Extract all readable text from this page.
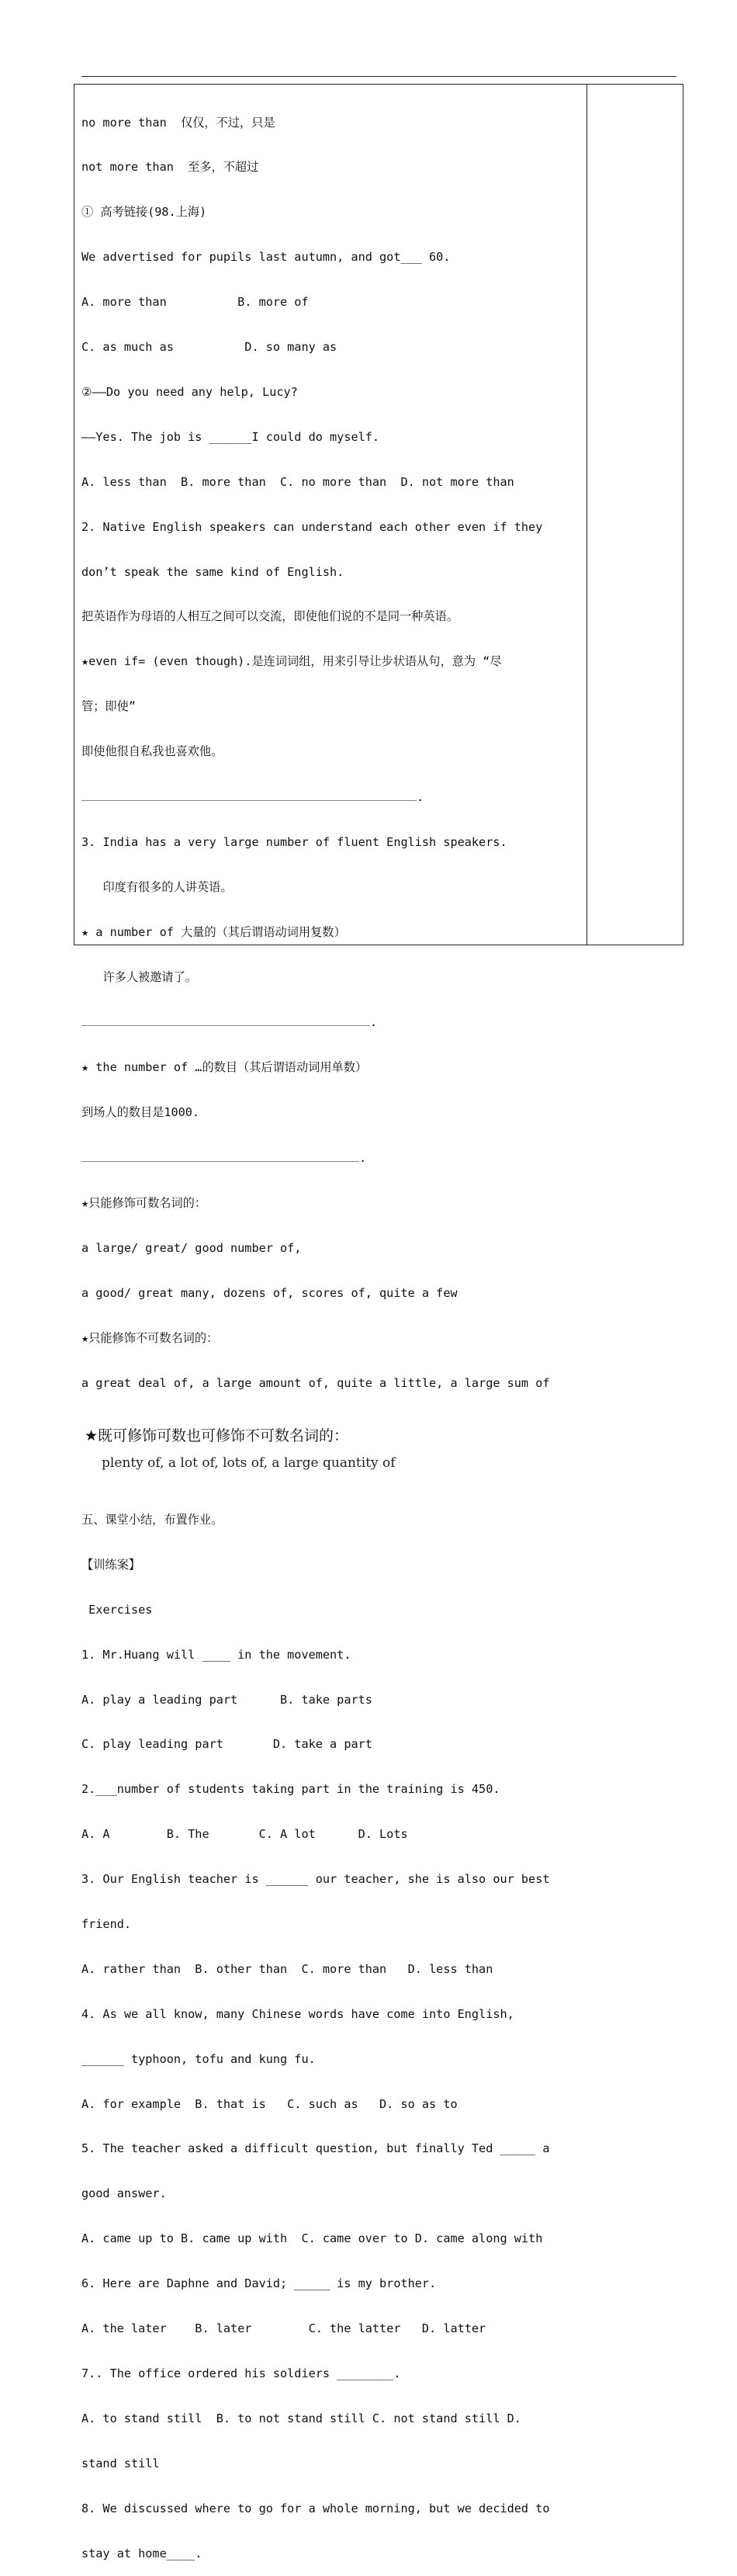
no more than  仅仅，不过，只是

not more than  至多，不超过

① 高考链接(98.上海)

We advertised for pupils last autumn, and got___ 60.

A. more than          B. more of

C. as much as          D. so many as

②——Do you need any help, Lucy?

——Yes. The job is ______I could do myself.

A. less than  B. more than  C. no more than  D. not more than

2. Native English speakers can understand each other even if they

don’t speak the same kind of English.

把英语作为母语的人相互之间可以交流，即使他们说的不是同一种英语。

★even if= (even though).是连词词组，用来引导让步状语从句，意为 “尽

管；即使”

即使他很自私我也喜欢他。

.

3. India has a very large number of fluent English speakers.

印度有很多的人讲英语。

★ a number of 大量的（其后谓语动词用复数）

许多人被邀请了。

.

★ the number of …的数目（其后谓语动词用单数）

到场人的数目是1000.

.

★只能修饰可数名词的：

a large/ great/ good number of,

a good/ great many, dozens of, scores of, quite a few

★只能修饰不可数名词的：

a great deal of, a large amount of, quite a little, a large sum of

★既可修饰可数也可修饰不可数名词的：

plenty of, a lot of, lots of, a large quantity of

五、课堂小结，布置作业。

【训练案】

Exercises

1. Mr.Huang will ____ in the movement.

A. play a leading part      B. take parts

C. play leading part       D. take a part

2.___number of students taking part in the training is 450.

A. A        B. The       C. A lot      D. Lots

3. Our English teacher is ______ our teacher, she is also our best

friend.

A. rather than  B. other than  C. more than   D. less than

4. As we all know, many Chinese words have come into English,

______ typhoon, tofu and kung fu.

A. for example  B. that is   C. such as   D. so as to

5. The teacher asked a difficult question, but finally Ted _____ a

good answer.

A. came up to B. came up with  C. came over to D. came along with

6. Here are Daphne and David; _____ is my brother.

A. the later    B. later        C. the latter   D. latter

7.. The office ordered his soldiers ________.

A. to stand still  B. to not stand still C. not stand still D.

stand still

8. We discussed where to go for a whole morning, but we decided to

stay at home____.
